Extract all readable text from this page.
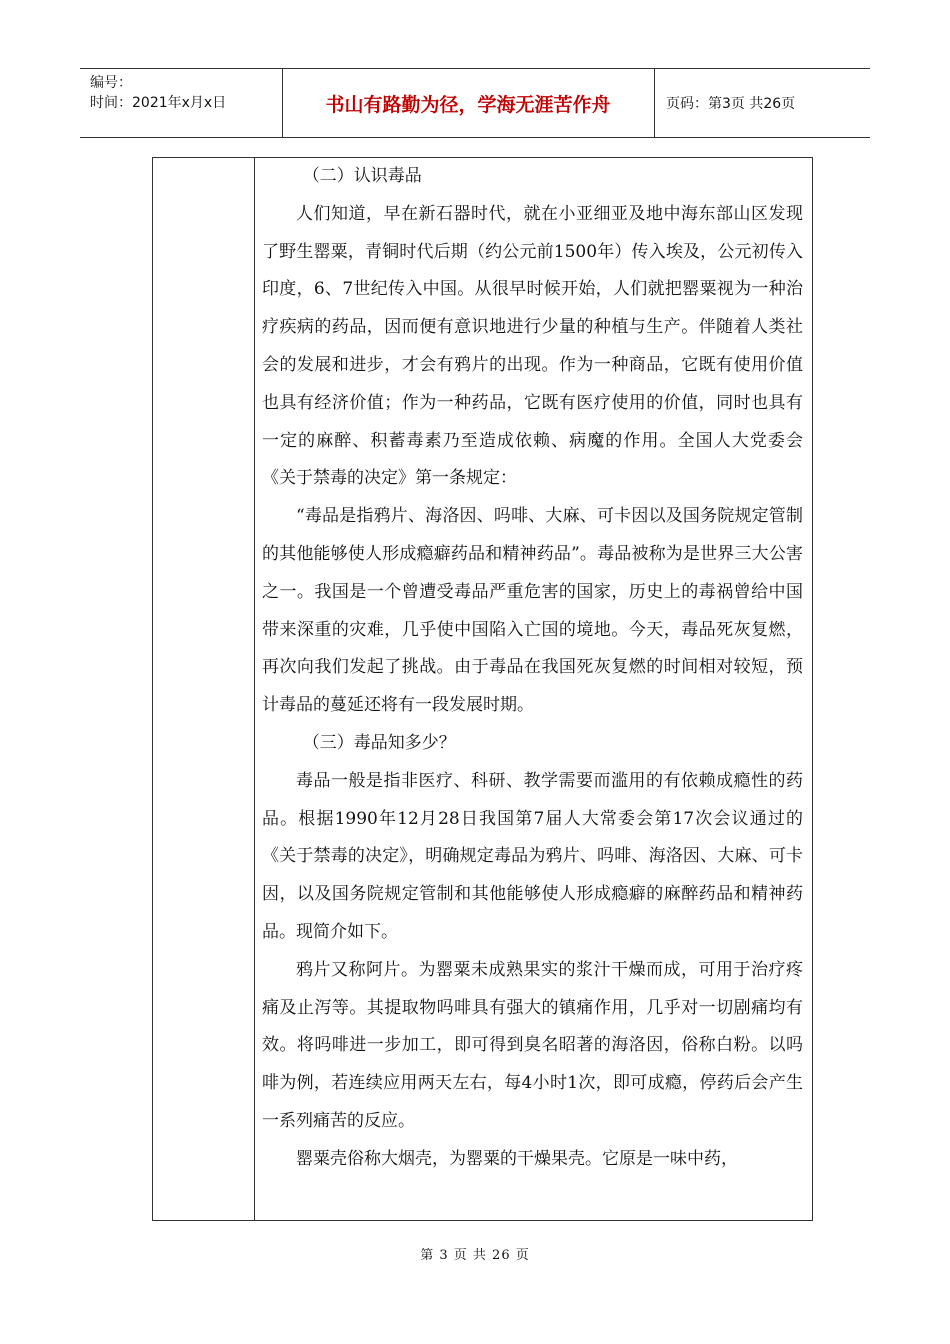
编号：
时间：2021年x月x日	书山有路勤为径，学海无涯苦作舟	页码：第3页 共26页

（二）认识毒品

人们知道，早在新石器时代，就在小亚细亚及地中海东部山区发现了野生罂粟，青铜时代后期（约公元前1500年）传入埃及，公元初传入印度，6、7世纪传入中国。从很早时候开始，人们就把罂粟视为一种治疗疾病的药品，因而便有意识地进行少量的种植与生产。伴随着人类社会的发展和进步，才会有鸦片的出现。作为一种商品，它既有使用价值也具有经济价值；作为一种药品，它既有医疗使用的价值，同时也具有一定的麻醉、积蓄毒素乃至造成依赖、病魔的作用。全国人大党委会《关于禁毒的决定》第一条规定：

“毒品是指鸦片、海洛因、吗啡、大麻、可卡因以及国务院规定管制的其他能够使人形成瘾癖药品和精神药品”。毒品被称为是世界三大公害之一。我国是一个曾遭受毒品严重危害的国家，历史上的毒祸曾给中国带来深重的灾难，几乎使中国陷入亡国的境地。今天，毒品死灰复燃，再次向我们发起了挑战。由于毒品在我国死灰复燃的时间相对较短，预计毒品的蔓延还将有一段发展时期。

（三）毒品知多少？

毒品一般是指非医疗、科研、教学需要而滥用的有依赖成瘾性的药品。根据1990年12月28日我国第7届人大常委会第17次会议通过的《关于禁毒的决定》，明确规定毒品为鸦片、吗啡、海洛因、大麻、可卡因，以及国务院规定管制和其他能够使人形成瘾癖的麻醉药品和精神药品。现简介如下。

鸦片又称阿片。为罂粟未成熟果实的浆汁干燥而成，可用于治疗疼痛及止泻等。其提取物吗啡具有强大的镇痛作用，几乎对一切剧痛均有效。将吗啡进一步加工，即可得到臭名昭著的海洛因，俗称白粉。以吗啡为例，若连续应用两天左右，每4小时1次，即可成瘾，停药后会产生一系列痛苦的反应。

罂粟壳俗称大烟壳，为罂粟的干燥果壳。它原是一味中药，

第 3 页 共 26 页
